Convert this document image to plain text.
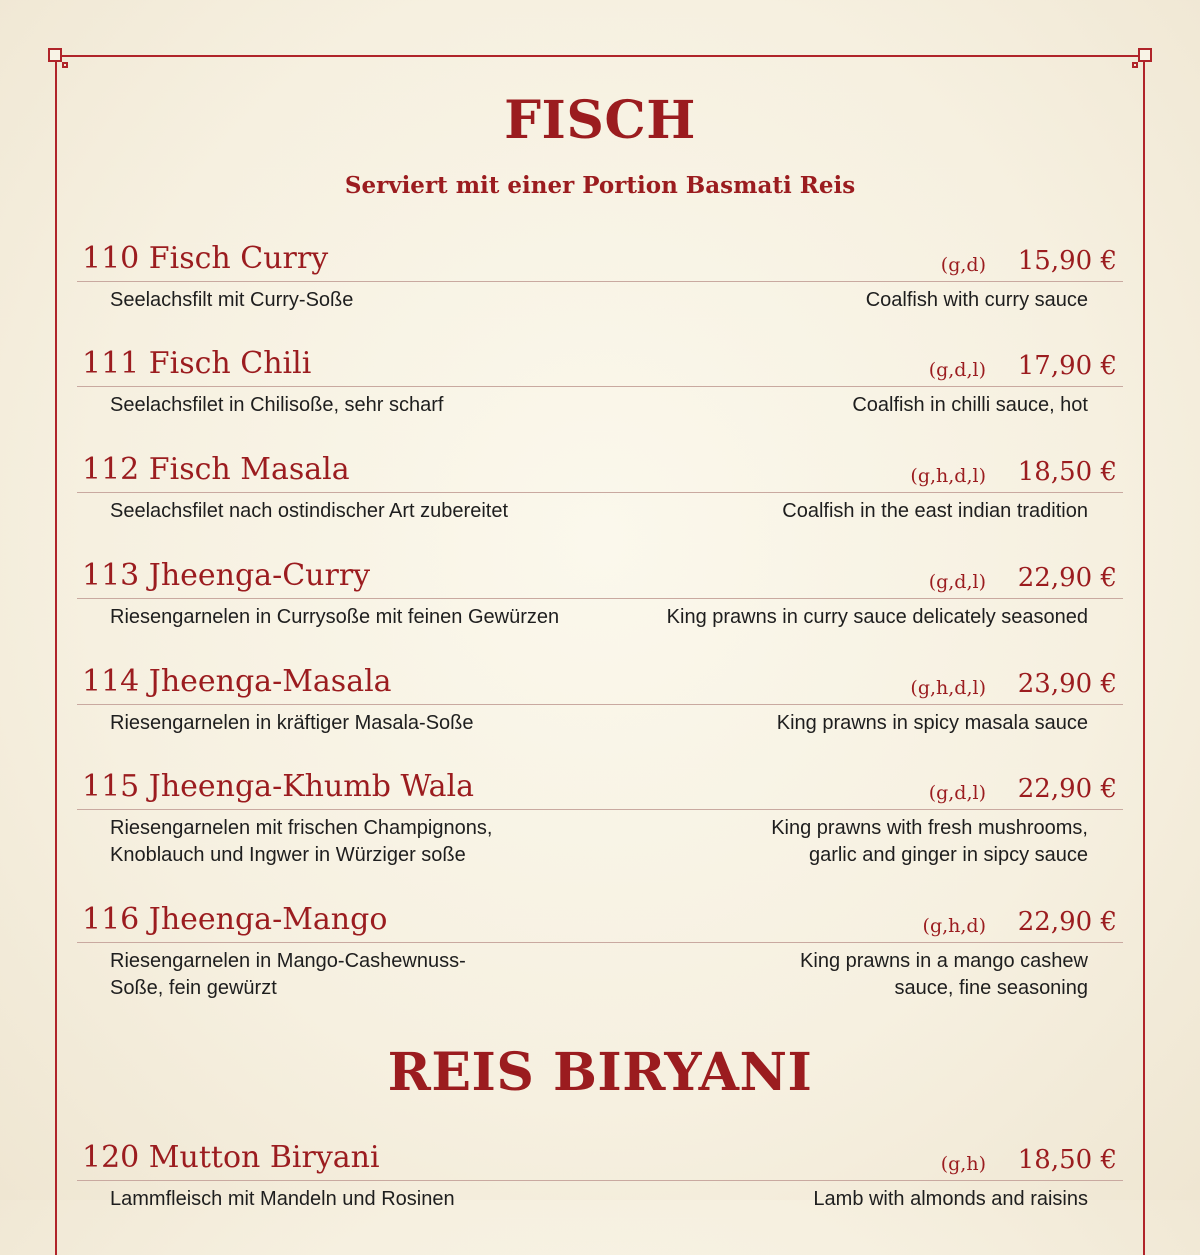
FISCH
Serviert mit einer Portion Basmati Reis
110 Fisch Curry	(g,d) 15,90 €
Seelachsfilt mit Curry-Soße	Coalfish with curry sauce
111 Fisch Chili	(g,d,l) 17,90 €
Seelachsfilet in Chilisoße, sehr scharf	Coalfish in chilli sauce, hot
112 Fisch Masala	(g,h,d,l) 18,50 €
Seelachsfilet nach ostindischer Art zubereitet	Coalfish in the east indian tradition
113 Jheenga-Curry	(g,d,l) 22,90 €
Riesengarnelen in Currysoße mit feinen Gewürzen	King prawns in curry sauce delicately seasoned
114 Jheenga-Masala	(g,h,d,l) 23,90 €
Riesengarnelen in kräftiger Masala-Soße	King prawns in spicy masala sauce
115 Jheenga-Khumb Wala	(g,d,l) 22,90 €
Riesengarnelen mit frischen Champignons,
Knoblauch und Ingwer in Würziger soße
King prawns with fresh mushrooms,
garlic and ginger in sipcy sauce
116 Jheenga-Mango	(g,h,d) 22,90 €
Riesengarnelen in Mango-Cashewnuss-
Soße, fein gewürzt
King prawns in a mango cashew
sauce, fine seasoning
REIS BIRYANI
120 Mutton Biryani	(g,h) 18,50 €
Lammfleisch mit Mandeln und Rosinen	Lamb with almonds and raisins
